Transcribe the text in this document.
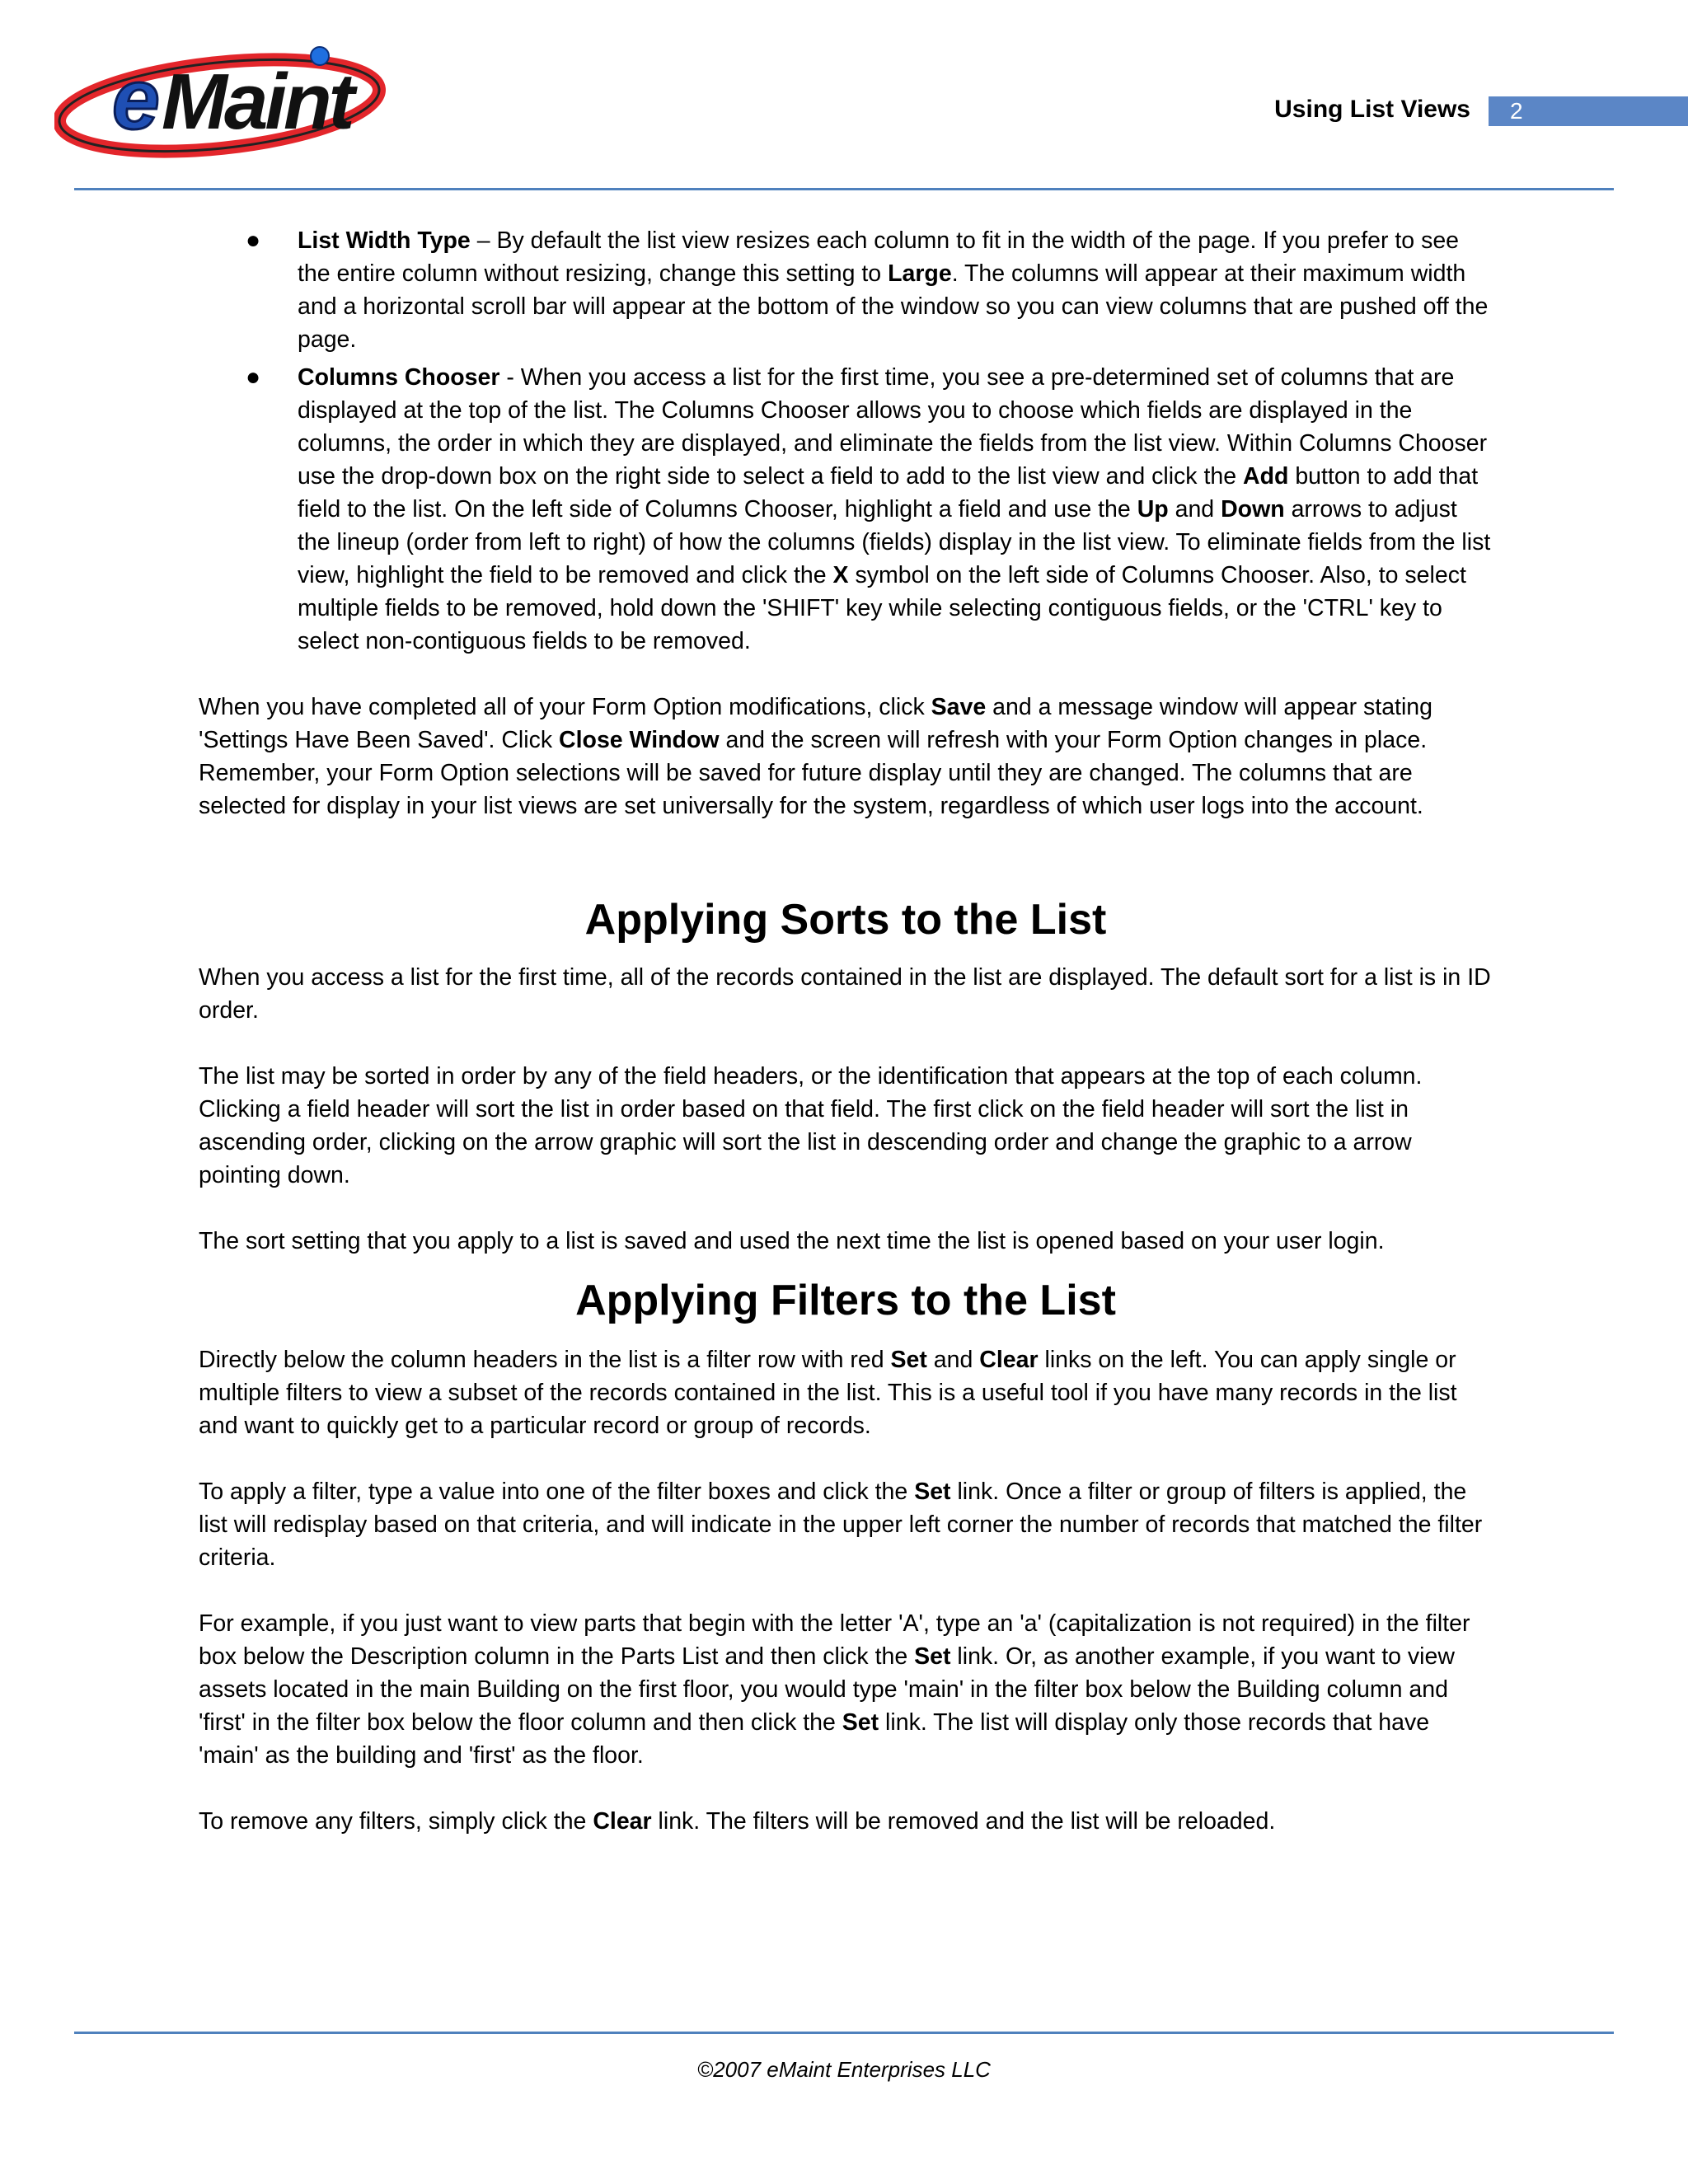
e Maint	Using List Views	2
● List Width Type – By default the list view resizes each column to fit in the width of the page. If you prefer to see the entire column without resizing, change this setting to Large. The columns will appear at their maximum width and a horizontal scroll bar will appear at the bottom of the window so you can view columns that are pushed off the page.
● Columns Chooser - When you access a list for the first time, you see a pre-determined set of columns that are displayed at the top of the list. The Columns Chooser allows you to choose which fields are displayed in the columns, the order in which they are displayed, and eliminate the fields from the list view. Within Columns Chooser use the drop-down box on the right side to select a field to add to the list view and click the Add button to add that field to the list. On the left side of Columns Chooser, highlight a field and use the Up and Down arrows to adjust the lineup (order from left to right) of how the columns (fields) display in the list view. To eliminate fields from the list view, highlight the field to be removed and click the X symbol on the left side of Columns Chooser. Also, to select multiple fields to be removed, hold down the 'SHIFT' key while selecting contiguous fields, or the 'CTRL' key to select non-contiguous fields to be removed.

When you have completed all of your Form Option modifications, click Save and a message window will appear stating 'Settings Have Been Saved'. Click Close Window and the screen will refresh with your Form Option changes in place. Remember, your Form Option selections will be saved for future display until they are changed. The columns that are selected for display in your list views are set universally for the system, regardless of which user logs into the account.

Applying Sorts to the List

When you access a list for the first time, all of the records contained in the list are displayed. The default sort for a list is in ID order.

The list may be sorted in order by any of the field headers, or the identification that appears at the top of each column. Clicking a field header will sort the list in order based on that field. The first click on the field header will sort the list in ascending order, clicking on the arrow graphic will sort the list in descending order and change the graphic to a arrow pointing down.

The sort setting that you apply to a list is saved and used the next time the list is opened based on your user login.

Applying Filters to the List

Directly below the column headers in the list is a filter row with red Set and Clear links on the left. You can apply single or multiple filters to view a subset of the records contained in the list. This is a useful tool if you have many records in the list and want to quickly get to a particular record or group of records.

To apply a filter, type a value into one of the filter boxes and click the Set link. Once a filter or group of filters is applied, the list will redisplay based on that criteria, and will indicate in the upper left corner the number of records that matched the filter criteria.

For example, if you just want to view parts that begin with the letter 'A', type an 'a' (capitalization is not required) in the filter box below the Description column in the Parts List and then click the Set link. Or, as another example, if you want to view assets located in the main Building on the first floor, you would type 'main' in the filter box below the Building column and 'first' in the filter box below the floor column and then click the Set link. The list will display only those records that have 'main' as the building and 'first' as the floor.

To remove any filters, simply click the Clear link. The filters will be removed and the list will be reloaded.

©2007 eMaint Enterprises LLC
